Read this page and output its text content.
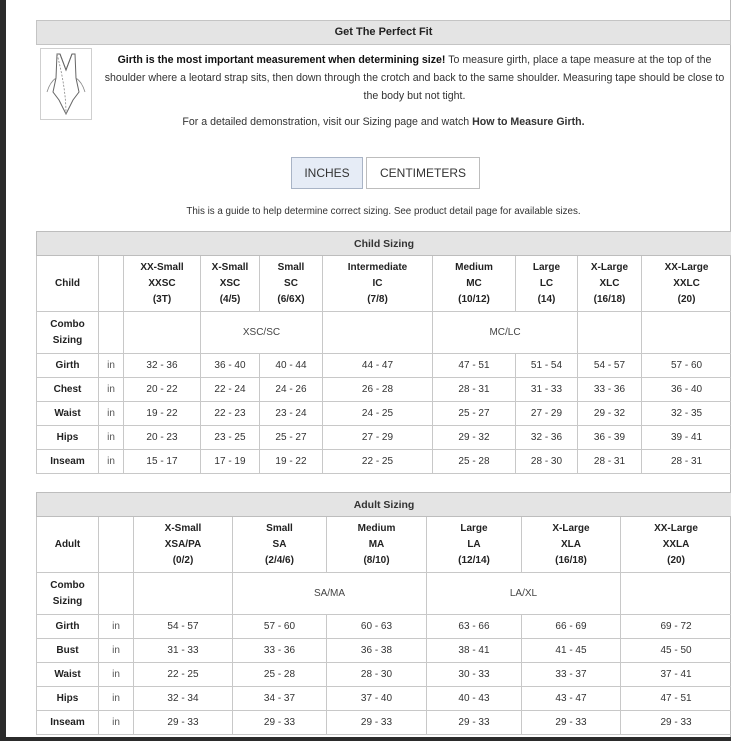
Get The Perfect Fit
Girth is the most important measurement when determining size! To measure girth, place a tape measure at the top of the shoulder where a leotard strap sits, then down through the crotch and back to the same shoulder. Measuring tape should be close to the body but not tight.
For a detailed demonstration, visit our Sizing page and watch How to Measure Girth.
INCHES	CENTIMETERS
This is a guide to help determine correct sizing. See product detail page for available sizes.
Child Sizing									
Child		XX-Small
XXSC
(3T)	X-Small
XSC
(4/5)	Small
SC
(6/6X)	Intermediate
IC
(7/8)	Medium
MC
(10/12)	Large
LC
(14)	X-Large
XLC
(16/18)	XX-Large
XXLC
(20)

Combo
Sizing			XSC/SC			MC/LC			
Girth	in	32 - 36	36 - 40	40 - 44	44 - 47	47 - 51	51 - 54	54 - 57	57 - 60
Chest	in	20 - 22	22 - 24	24 - 26	26 - 28	28 - 31	31 - 33	33 - 36	36 - 40
Waist	in	19 - 22	22 - 23	23 - 24	24 - 25	25 - 27	27 - 29	29 - 32	32 - 35
Hips	in	20 - 23	23 - 25	25 - 27	27 - 29	29 - 32	32 - 36	36 - 39	39 - 41
Inseam	in	15 - 17	17 - 19	19 - 22	22 - 25	25 - 28	28 - 30	28 - 31	28 - 31
Adult Sizing							
Adult		X-Small
XSA/PA
(0/2)	Small
SA
(2/4/6)	Medium
MA
(8/10)	Large
LA
(12/14)	X-Large
XLA
(16/18)	XX-Large
XXLA
(20)

Combo
Sizing			SA/MA		LA/XL		
Girth	in	54 - 57	57 - 60	60 - 63	63 - 66	66 - 69	69 - 72
Bust	in	31 - 33	33 - 36	36 - 38	38 - 41	41 - 45	45 - 50
Waist	in	22 - 25	25 - 28	28 - 30	30 - 33	33 - 37	37 - 41
Hips	in	32 - 34	34 - 37	37 - 40	40 - 43	43 - 47	47 - 51
Inseam	in	29 - 33	29 - 33	29 - 33	29 - 33	29 - 33	29 - 33
